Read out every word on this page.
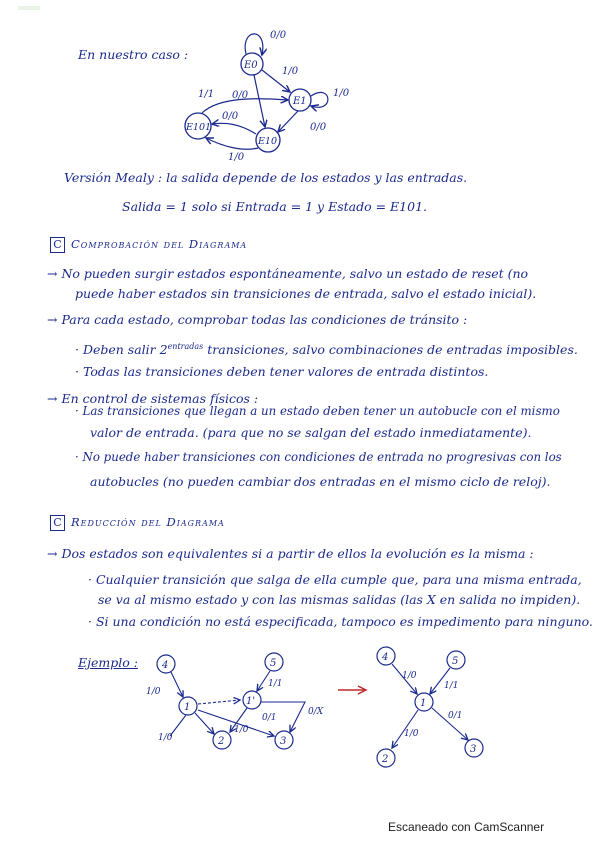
En nuestro caso :
E0
0/0
E1
1/0
1/0
E101
E10
1/1 0/0
0/0
0/0
1/0
Versión Mealy : la salida depende de los estados y las entradas.
Salida = 1 solo si Entrada = 1 y Estado = E101.
C Comprobación del Diagrama
→ No pueden surgir estados espontáneamente, salvo un estado de reset (no
puede haber estados sin transiciones de entrada, salvo el estado inicial).
→ Para cada estado, comprobar todas las condiciones de tránsito :
· Deben salir $2^{entradas}$ transiciones, salvo combinaciones de entradas imposibles.
· Todas las transiciones deben tener valores de entrada distintos.
→ En control de sistemas físicos :
· Las transiciones que llegan a un estado deben tener un autobucle con el mismo
valor de entrada. (para que no se salgan del estado inmediatamente).
· No puede haber transiciones con condiciones de entrada no progresivas con los
autobucles (no pueden cambiar dos entradas en el mismo ciclo de reloj).
C Reducción del Diagrama
→ Dos estados son equivalentes si a partir de ellos la evolución es la misma :
· Cualquier transición que salga de ella cumple que, para una misma entrada,
se va al mismo estado y con las mismas salidas (las X en salida no impiden).
· Si una condición no está especificada, tampoco es impedimento para ninguno.
Ejemplo : 4	5
1
1'
2	3
1/0
1/1
1/0
1/0
0/1
0/X
4	5
1
2
3
1/0
1/1
1/0
0/1
Escaneado con CamScanner
